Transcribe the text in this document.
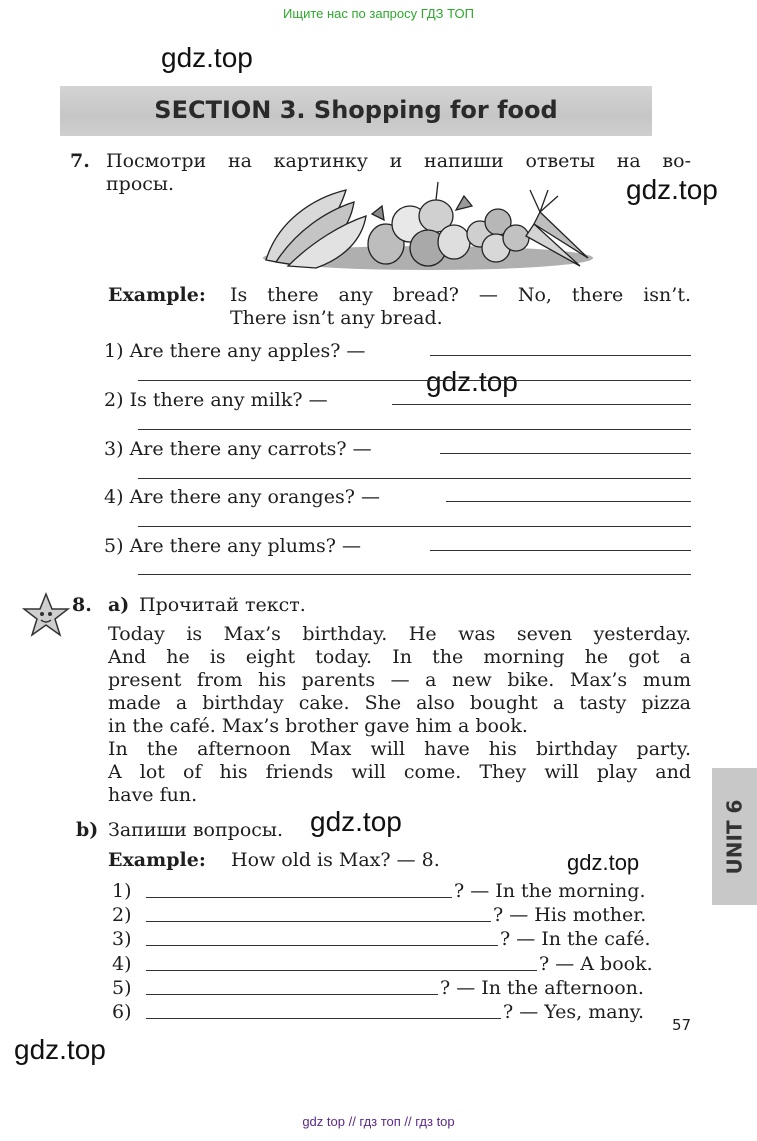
Ищите нас по запросу ГДЗ ТОП
gdz.top
gdz.top
gdz.top
gdz.top
gdz.top
gdz.top
SECTION 3. Shopping for food
7. Посмотри на картинку и напиши ответы на во-
просы.
Example: Is there any bread? — No, there isn’t.
There isn’t any bread.
1) Are there any apples? —
2) Is there any milk? —
3) Are there any carrots? —
4) Are there any oranges? —
5) Are there any plums? —
8. a) Прочитай текст.
Today is Max’s birthday. He was seven yesterday.
And he is eight today. In the morning he got a
present from his parents — a new bike. Max’s mum
made a birthday cake. She also bought a tasty pizza
in the café. Max’s brother gave him a book.
In the afternoon Max will have his birthday party.
A lot of his friends will come. They will play and
have fun.
b) Запиши вопросы.
Example: How old is Max? — 8.
1)	? — In the morning.
2)	? — His mother.
3)	? — In the café.
4)	? — A book.
5)	? — In the afternoon.
6)	? — Yes, many.
UNIT 6
57
gdz top // гдз топ // гдз top
